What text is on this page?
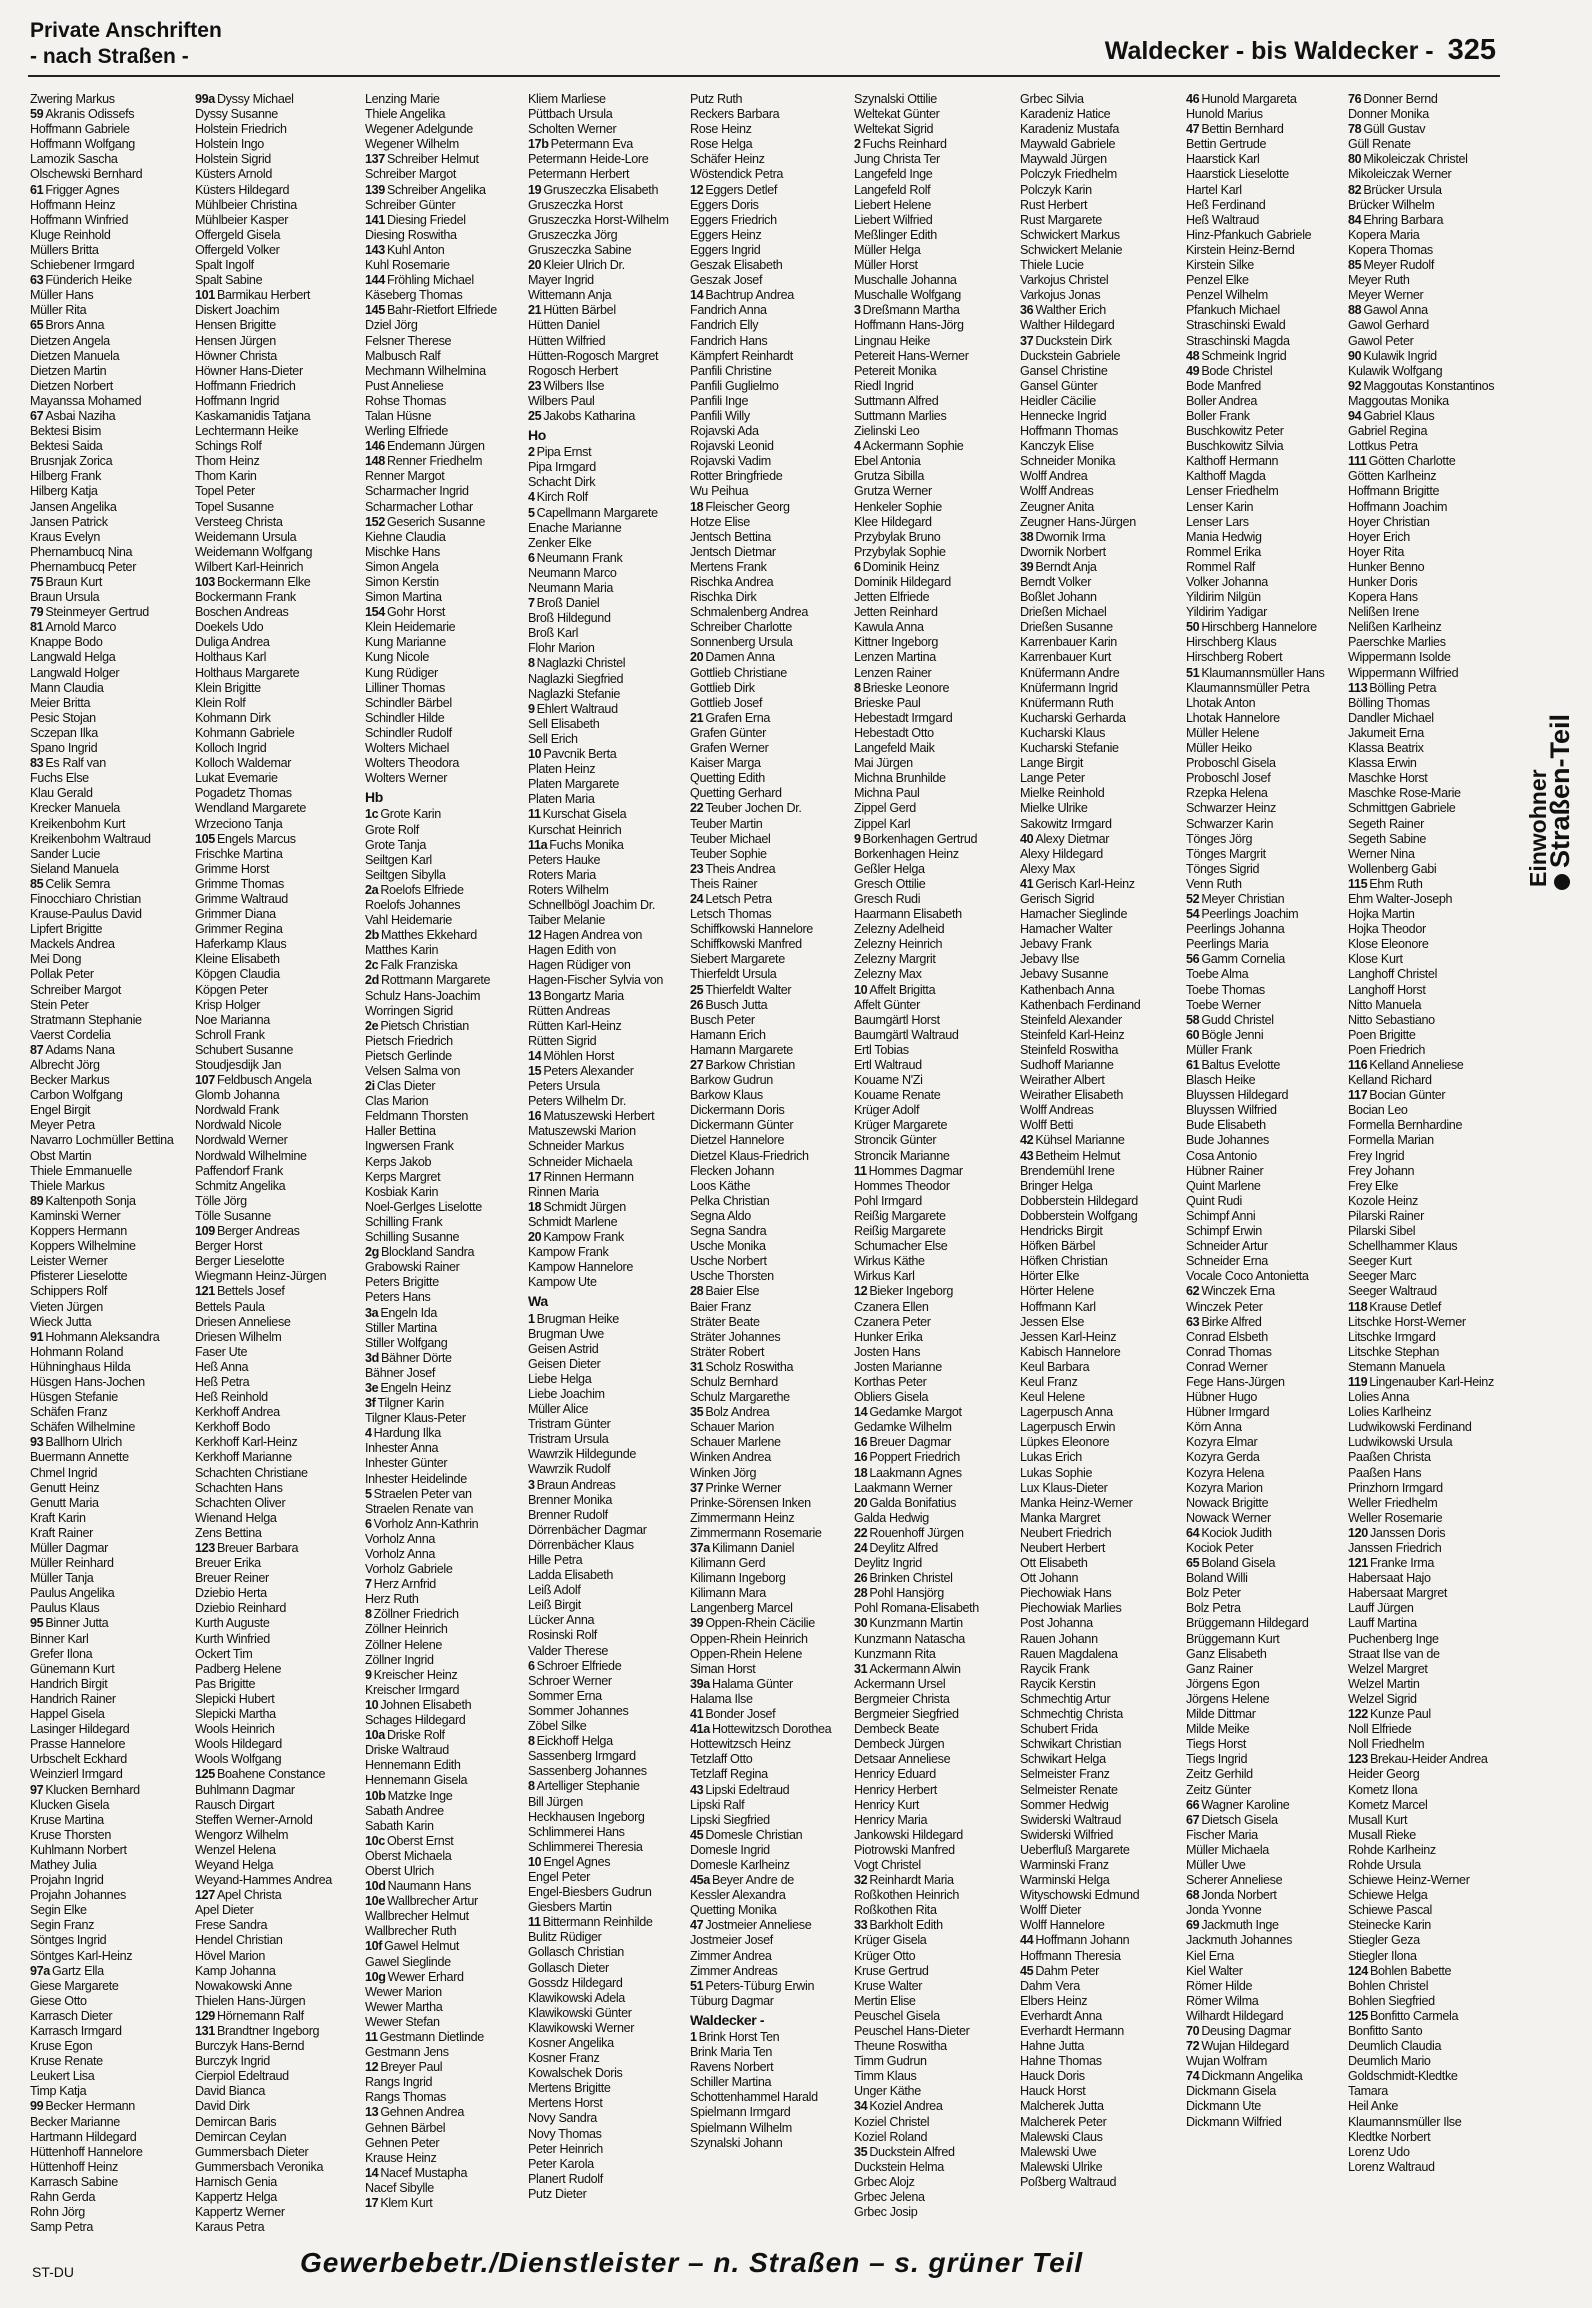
Private Anschriften
- nach Straßen -	Waldecker - bis Waldecker - 325
Zwering Markus
59 Akranis Odissefs
Hoffmann Gabriele
Hoffmann Wolfgang
Lamozik Sascha
Olschewski Bernhard
61 Frigger Agnes
Hoffmann Heinz
Hoffmann Winfried
Kluge Reinhold
Müllers Britta
Schiebener Irmgard
63 Fünderich Heike
Müller Hans
Müller Rita
65 Brors Anna
Dietzen Angela
Dietzen Manuela
Dietzen Martin
Dietzen Norbert
Mayanssa Mohamed
67 Asbai Naziha
Bektesi Bisim
Bektesi Saida
Brusnjak Zorica
Hilberg Frank
Hilberg Katja
Jansen Angelika
Jansen Patrick
Kraus Evelyn
Phernambucq Nina
Phernambucq Peter
75 Braun Kurt
Braun Ursula
79 Steinmeyer Gertrud
81 Arnold Marco
Knappe Bodo
Langwald Helga
Langwald Holger
Mann Claudia
Meier Britta
Pesic Stojan
Sczepan Ilka
Spano Ingrid
83 Es Ralf van
Fuchs Else
Klau Gerald
Krecker Manuela
Kreikenbohm Kurt
Kreikenbohm Waltraud
Sander Lucie
Sieland Manuela
85 Celik Semra
Finocchiaro Christian
Krause-Paulus David
Lipfert Brigitte
Mackels Andrea
Mei Dong
Pollak Peter
Schreiber Margot
Stein Peter
Stratmann Stephanie
Vaerst Cordelia
87 Adams Nana
Albrecht Jörg
Becker Markus
Carbon Wolfgang
Engel Birgit
Meyer Petra
Navarro Lochmüller Bettina
Obst Martin
Thiele Emmanuelle
Thiele Markus
89 Kaltenpoth Sonja
Kaminski Werner
Koppers Hermann
Koppers Wilhelmine
Leister Werner
Pfisterer Lieselotte
Schippers Rolf
Vieten Jürgen
Wieck Jutta
91 Hohmann Aleksandra
Hohmann Roland
Hühninghaus Hilda
Hüsgen Hans-Jochen
Hüsgen Stefanie
Schäfen Franz
Schäfen Wilhelmine
93 Ballhorn Ulrich
Buermann Annette
Chmel Ingrid
Genutt Heinz
Genutt Maria
Kraft Karin
Kraft Rainer
Müller Dagmar
Müller Reinhard
Müller Tanja
Paulus Angelika
Paulus Klaus
95 Binner Jutta
Binner Karl
Grefer Ilona
Günemann Kurt
Handrich Birgit
Handrich Rainer
Happel Gisela
Lasinger Hildegard
Prasse Hannelore
Urbschelt Eckhard
Weinzierl Irmgard
97 Klucken Bernhard
Klucken Gisela
Kruse Martina
Kruse Thorsten
Kuhlmann Norbert
Mathey Julia
Projahn Ingrid
Projahn Johannes
Segin Elke
Segin Franz
Söntges Ingrid
Söntges Karl-Heinz
97a Gartz Ella
Giese Margarete
Giese Otto
Karrasch Dieter
Karrasch Irmgard
Kruse Egon
Kruse Renate
Leukert Lisa
Timp Katja
99 Becker Hermann
Becker Marianne
Hartmann Hildegard
Hüttenhoff Hannelore
Hüttenhoff Heinz
Karrasch Sabine
Rahn Gerda
Rohn Jörg
Samp Petra
99a Dyssy Michael
Dyssy Susanne
Holstein Friedrich
Holstein Ingo
Holstein Sigrid
Küsters Arnold
Küsters Hildegard
Mühlbeier Christina
Mühlbeier Kasper
Offergeld Gisela
Offergeld Volker
Spalt Ingolf
Spalt Sabine
101 Barmikau Herbert
Diskert Joachim
Hensen Brigitte
Hensen Jürgen
Höwner Christa
Höwner Hans-Dieter
Hoffmann Friedrich
Hoffmann Ingrid
Kaskamanidis Tatjana
Lechtermann Heike
Schings Rolf
Thom Heinz
Thom Karin
Topel Peter
Topel Susanne
Versteeg Christa
Weidemann Ursula
Weidemann Wolfgang
Wilbert Karl-Heinrich
103 Bockermann Elke
Bockermann Frank
Boschen Andreas
Doekels Udo
Duliga Andrea
Holthaus Karl
Holthaus Margarete
Klein Brigitte
Klein Rolf
Kohmann Dirk
Kohmann Gabriele
Kolloch Ingrid
Kolloch Waldemar
Lukat Evemarie
Pogadetz Thomas
Wendland Margarete
Wrzeciono Tanja
105 Engels Marcus
Frischke Martina
Grimme Horst
Grimme Thomas
Grimme Waltraud
Grimmer Diana
Grimmer Regina
Haferkamp Klaus
Kleine Elisabeth
Köpgen Claudia
Köpgen Peter
Krisp Holger
Noe Marianna
Schroll Frank
Schubert Susanne
Stoudjesdijk Jan
107 Feldbusch Angela
Glomb Johanna
Nordwald Frank
Nordwald Nicole
Nordwald Werner
Nordwald Wilhelmine
Paffendorf Frank
Schmitz Angelika
Tölle Jörg
Tölle Susanne
109 Berger Andreas
Berger Horst
Berger Lieselotte
Wiegmann Heinz-Jürgen
121 Bettels Josef
Bettels Paula
Driesen Anneliese
Driesen Wilhelm
Faser Ute
Heß Anna
Heß Petra
Heß Reinhold
Kerkhoff Andrea
Kerkhoff Bodo
Kerkhoff Karl-Heinz
Kerkhoff Marianne
Schachten Christiane
Schachten Hans
Schachten Oliver
Wienand Helga
Zens Bettina
123 Breuer Barbara
Breuer Erika
Breuer Reiner
Dziebio Herta
Dziebio Reinhard
Kurth Auguste
Kurth Winfried
Ockert Tim
Padberg Helene
Pas Brigitte
Slepicki Hubert
Slepicki Martha
Wools Heinrich
Wools Hildegard
Wools Wolfgang
125 Boahene Constance
Buhlmann Dagmar
Rausch Dirgart
Steffen Werner-Arnold
Wengorz Wilhelm
Wenzel Helena
Weyand Helga
Weyand-Hammes Andrea
127 Apel Christa
Apel Dieter
Frese Sandra
Hendel Christian
Hövel Marion
Kamp Johanna
Nowakowski Anne
Thielen Hans-Jürgen
129 Hörnemann Ralf
131 Brandtner Ingeborg
Burczyk Hans-Bernd
Burczyk Ingrid
Cierpiol Edeltraud
David Bianca
David Dirk
Demircan Baris
Demircan Ceylan
Gummersbach Dieter
Gummersbach Veronika
Harnisch Genia
Kappertz Helga
Kappertz Werner
Karaus Petra
Lenzing Marie
Thiele Angelika
Wegener Adelgunde
Wegener Wilhelm
137 Schreiber Helmut
Schreiber Margot
139 Schreiber Angelika
Schreiber Günter
141 Diesing Friedel
Diesing Roswitha
143 Kuhl Anton
Kuhl Rosemarie
144 Fröhling Michael
Käseberg Thomas
145 Bahr-Rietfort Elfriede
Dziel Jörg
Felsner Therese
Malbusch Ralf
Mechmann Wilhelmina
Pust Anneliese
Rohse Thomas
Talan Hüsne
Werling Elfriede
146 Endemann Jürgen
148 Renner Friedhelm
Renner Margot
Scharmacher Ingrid
Scharmacher Lothar
152 Geserich Susanne
Kiehne Claudia
Mischke Hans
Simon Angela
Simon Kerstin
Simon Martina
154 Gohr Horst
Klein Heidemarie
Kung Marianne
Kung Nicole
Kung Rüdiger
Lilliner Thomas
Schindler Bärbel
Schindler Hilde
Schindler Rudolf
Wolters Michael
Wolters Theodora
Wolters Werner
Hb
1c Grote Karin
Grote Rolf
Grote Tanja
Seiltgen Karl
Seiltgen Sibylla
2a Roelofs Elfriede
Roelofs Johannes
Vahl Heidemarie
2b Matthes Ekkehard
Matthes Karin
2c Falk Franziska
2d Rottmann Margarete
Schulz Hans-Joachim
Worringen Sigrid
2e Pietsch Christian
Pietsch Friedrich
Pietsch Gerlinde
Velsen Salma von
2i Clas Dieter
Clas Marion
Feldmann Thorsten
Haller Bettina
Ingwersen Frank
Kerps Jakob
Kerps Margret
Kosbiak Karin
Noel-Gerlges Liselotte
Schilling Frank
Schilling Susanne
2g Blockland Sandra
Grabowski Rainer
Peters Brigitte
Peters Hans
3a Engeln Ida
Stiller Martina
Stiller Wolfgang
3d Bähner Dörte
Bähner Josef
3e Engeln Heinz
3f Tilgner Karin
Tilgner Klaus-Peter
4 Hardung Ilka
Inhester Anna
Inhester Günter
Inhester Heidelinde
5 Straelen Peter van
Straelen Renate van
6 Vorholz Ann-Kathrin
Vorholz Anna
Vorholz Anna
Vorholz Gabriele
7 Herz Arnfrid
Herz Ruth
8 Zöllner Friedrich
Zöllner Heinrich
Zöllner Helene
Zöllner Ingrid
9 Kreischer Heinz
Kreischer Irmgard
10 Johnen Elisabeth
Schages Hildegard
10a Driske Rolf
Driske Waltraud
Hennemann Edith
Hennemann Gisela
10b Matzke Inge
Sabath Andree
Sabath Karin
10c Oberst Ernst
Oberst Michaela
Oberst Ulrich
10d Naumann Hans
10e Wallbrecher Artur
Wallbrecher Helmut
Wallbrecher Ruth
10f Gawel Helmut
Gawel Sieglinde
10g Wewer Erhard
Wewer Marion
Wewer Martha
Wewer Stefan
11 Gestmann Dietlinde
Gestmann Jens
12 Breyer Paul
Rangs Ingrid
Rangs Thomas
13 Gehnen Andrea
Gehnen Bärbel
Gehnen Peter
Krause Heinz
14 Nacef Mustapha
Nacef Sibylle
17 Klem Kurt
Kliem Marliese
Püttbach Ursula
Scholten Werner
17b Petermann Eva
Petermann Heide-Lore
Petermann Herbert
19 Gruszeczka Elisabeth
Gruszeczka Horst
Gruszeczka Horst-Wilhelm
Gruszeczka Jörg
Gruszeczka Sabine
20 Kleier Ulrich Dr.
Mayer Ingrid
Wittemann Anja
21 Hütten Bärbel
Hütten Daniel
Hütten Wilfried
Hütten-Rogosch Margret
Rogosch Herbert
23 Wilbers Ilse
Wilbers Paul
25 Jakobs Katharina
Ho
2 Pipa Ernst
Pipa Irmgard
Schacht Dirk
4 Kirch Rolf
5 Capellmann Margarete
Enache Marianne
Zenker Elke
6 Neumann Frank
Neumann Marco
Neumann Maria
7 Broß Daniel
Broß Hildegund
Broß Karl
Flohr Marion
8 Naglazki Christel
Naglazki Siegfried
Naglazki Stefanie
9 Ehlert Waltraud
Sell Elisabeth
Sell Erich
10 Pavcnik Berta
Platen Heinz
Platen Margarete
Platen Maria
11 Kurschat Gisela
Kurschat Heinrich
11a Fuchs Monika
Peters Hauke
Roters Maria
Roters Wilhelm
Schnellbögl Joachim Dr.
Taiber Melanie
12 Hagen Andrea von
Hagen Edith von
Hagen Rüdiger von
Hagen-Fischer Sylvia von
13 Bongartz Maria
Rütten Andreas
Rütten Karl-Heinz
Rütten Sigrid
14 Möhlen Horst
15 Peters Alexander
Peters Ursula
Peters Wilhelm Dr.
16 Matuszewski Herbert
Matuszewski Marion
Schneider Markus
Schneider Michaela
17 Rinnen Hermann
Rinnen Maria
18 Schmidt Jürgen
Schmidt Marlene
20 Kampow Frank
Kampow Frank
Kampow Hannelore
Kampow Ute
Wa
1 Brugman Heike
Brugman Uwe
Geisen Astrid
Geisen Dieter
Liebe Helga
Liebe Joachim
Müller Alice
Tristram Günter
Tristram Ursula
Wawrzik Hildegunde
Wawrzik Rudolf
3 Braun Andreas
Brenner Monika
Brenner Rudolf
Dörrenbächer Dagmar
Dörrenbächer Klaus
Hille Petra
Ladda Elisabeth
Leiß Adolf
Leiß Birgit
Lücker Anna
Rosinski Rolf
Valder Therese
6 Schroer Elfriede
Schroer Werner
Sommer Erna
Sommer Johannes
Zöbel Silke
8 Eickhoff Helga
Sassenberg Irmgard
Sassenberg Johannes
8 Artelliger Stephanie
Bill Jürgen
Heckhausen Ingeborg
Schlimmerei Hans
Schlimmerei Theresia
10 Engel Agnes
Engel Peter
Engel-Biesbers Gudrun
Giesbers Martin
11 Bittermann Reinhilde
Bulitz Rüdiger
Gollasch Christian
Gollasch Dieter
Gossdz Hildegard
Klawikowski Adela
Klawikowski Günter
Klawikowski Werner
Kosner Angelika
Kosner Franz
Kowalschek Doris
Mertens Brigitte
Mertens Horst
Novy Sandra
Novy Thomas
Peter Heinrich
Peter Karola
Planert Rudolf
Putz Dieter
Putz Ruth
Reckers Barbara
Rose Heinz
Rose Helga
Schäfer Heinz
Wöstendick Petra
12 Eggers Detlef
Eggers Doris
Eggers Friedrich
Eggers Heinz
Eggers Ingrid
Geszak Elisabeth
Geszak Josef
14 Bachtrup Andrea
Fandrich Anna
Fandrich Elly
Fandrich Hans
Kämpfert Reinhardt
Panfili Christine
Panfili Guglielmo
Panfili Inge
Panfili Willy
Rojavski Ada
Rojavski Leonid
Rojavski Vadim
Rotter Bringfriede
Wu Peihua
18 Fleischer Georg
Hotze Elise
Jentsch Bettina
Jentsch Dietmar
Mertens Frank
Rischka Andrea
Rischka Dirk
Schmalenberg Andrea
Schreiber Charlotte
Sonnenberg Ursula
20 Damen Anna
Gottlieb Christiane
Gottlieb Dirk
Gottlieb Josef
21 Grafen Erna
Grafen Günter
Grafen Werner
Kaiser Marga
Quetting Edith
Quetting Gerhard
22 Teuber Jochen Dr.
Teuber Martin
Teuber Michael
Teuber Sophie
23 Theis Andrea
Theis Rainer
24 Letsch Petra
Letsch Thomas
Schiffkowski Hannelore
Schiffkowski Manfred
Siebert Margarete
Thierfeldt Ursula
25 Thierfeldt Walter
26 Busch Jutta
Busch Peter
Hamann Erich
Hamann Margarete
27 Barkow Christian
Barkow Gudrun
Barkow Klaus
Dickermann Doris
Dickermann Günter
Dietzel Hannelore
Dietzel Klaus-Friedrich
Flecken Johann
Loos Käthe
Pelka Christian
Segna Aldo
Segna Sandra
Usche Monika
Usche Norbert
Usche Thorsten
28 Baier Else
Baier Franz
Sträter Beate
Sträter Johannes
Sträter Robert
31 Scholz Roswitha
Schulz Bernhard
Schulz Margarethe
35 Bolz Andrea
Schauer Marion
Schauer Marlene
Winken Andrea
Winken Jörg
37 Prinke Werner
Prinke-Sörensen Inken
Zimmermann Heinz
Zimmermann Rosemarie
37a Kilimann Daniel
Kilimann Gerd
Kilimann Ingeborg
Kilimann Mara
Langenberg Marcel
39 Oppen-Rhein Cäcilie
Oppen-Rhein Heinrich
Oppen-Rhein Helene
Siman Horst
39a Halama Günter
Halama Ilse
41 Bonder Josef
41a Hottewitzsch Dorothea
Hottewitzsch Heinz
Tetzlaff Otto
Tetzlaff Regina
43 Lipski Edeltraud
Lipski Ralf
Lipski Siegfried
45 Domesle Christian
Domesle Ingrid
Domesle Karlheinz
45a Beyer Andre de
Kessler Alexandra
Quetting Monika
47 Jostmeier Anneliese
Jostmeier Josef
Zimmer Andrea
Zimmer Andreas
51 Peters-Tüburg Erwin
Tüburg Dagmar
Waldecker -
1 Brink Horst Ten
Brink Maria Ten
Ravens Norbert
Schiller Martina
Schottenhammel Harald
Spielmann Irmgard
Spielmann Wilhelm
Szynalski Johann
Szynalski Ottilie
Weltekat Günter
Weltekat Sigrid
2 Fuchs Reinhard
Jung Christa Ter
Langefeld Inge
Langefeld Rolf
Liebert Helene
Liebert Wilfried
Meßlinger Edith
Müller Helga
Müller Horst
Muschalle Johanna
Muschalle Wolfgang
3 Dreßmann Martha
Hoffmann Hans-Jörg
Lingnau Heike
Petereit Hans-Werner
Petereit Monika
Riedl Ingrid
Suttmann Alfred
Suttmann Marlies
Zielinski Leo
4 Ackermann Sophie
Ebel Antonia
Grutza Sibilla
Grutza Werner
Henkeler Sophie
Klee Hildegard
Przybylak Bruno
Przybylak Sophie
6 Dominik Heinz
Dominik Hildegard
Jetten Elfriede
Jetten Reinhard
Kawula Anna
Kittner Ingeborg
Lenzen Martina
Lenzen Rainer
8 Brieske Leonore
Brieske Paul
Hebestadt Irmgard
Hebestadt Otto
Langefeld Maik
Mai Jürgen
Michna Brunhilde
Michna Paul
Zippel Gerd
Zippel Karl
9 Borkenhagen Gertrud
Borkenhagen Heinz
Geßler Helga
Gresch Ottilie
Gresch Rudi
Haarmann Elisabeth
Zelezny Adelheid
Zelezny Heinrich
Zelezny Margrit
Zelezny Max
10 Affelt Brigitta
Affelt Günter
Baumgärtl Horst
Baumgärtl Waltraud
Ertl Tobias
Ertl Waltraud
Kouame N'Zi
Kouame Renate
Krüger Adolf
Krüger Margarete
Stroncik Günter
Stroncik Marianne
11 Hommes Dagmar
Hommes Theodor
Pohl Irmgard
Reißig Margarete
Reißig Margarete
Schumacher Else
Wirkus Käthe
Wirkus Karl
12 Bieker Ingeborg
Czanera Ellen
Czanera Peter
Hunker Erika
Josten Hans
Josten Marianne
Korthas Peter
Obliers Gisela
14 Gedamke Margot
Gedamke Wilhelm
16 Breuer Dagmar
16 Poppert Friedrich
18 Laakmann Agnes
Laakmann Werner
20 Galda Bonifatius
Galda Hedwig
22 Rouenhoff Jürgen
24 Deylitz Alfred
Deylitz Ingrid
26 Brinken Christel
28 Pohl Hansjörg
Pohl Romana-Elisabeth
30 Kunzmann Martin
Kunzmann Natascha
Kunzmann Rita
31 Ackermann Alwin
Ackermann Ursel
Bergmeier Christa
Bergmeier Siegfried
Dembeck Beate
Dembeck Jürgen
Detsaar Anneliese
Henricy Eduard
Henricy Herbert
Henricy Kurt
Henricy Maria
Jankowski Hildegard
Piotrowski Manfred
Vogt Christel
32 Reinhardt Maria
Roßkothen Heinrich
Roßkothen Rita
33 Barkholt Edith
Krüger Gisela
Krüger Otto
Kruse Gertrud
Kruse Walter
Mertin Elise
Peuschel Gisela
Peuschel Hans-Dieter
Theune Roswitha
Timm Gudrun
Timm Klaus
Unger Käthe
34 Koziel Andrea
Koziel Christel
Koziel Roland
35 Duckstein Alfred
Duckstein Helma
Grbec Alojz
Grbec Jelena
Grbec Josip
Grbec Silvia
Karadeniz Hatice
Karadeniz Mustafa
Maywald Gabriele
Maywald Jürgen
Polczyk Friedhelm
Polczyk Karin
Rust Herbert
Rust Margarete
Schwickert Markus
Schwickert Melanie
Thiele Lucie
Varkojus Christel
Varkojus Jonas
36 Walther Erich
Walther Hildegard
37 Duckstein Dirk
Duckstein Gabriele
Gansel Christine
Gansel Günter
Heidler Cäcilie
Hennecke Ingrid
Hoffmann Thomas
Kanczyk Elise
Schneider Monika
Wolff Andrea
Wolff Andreas
Zeugner Anita
Zeugner Hans-Jürgen
38 Dwornik Irma
Dwornik Norbert
39 Berndt Anja
Berndt Volker
Boßlet Johann
Drießen Michael
Drießen Susanne
Karrenbauer Karin
Karrenbauer Kurt
Knüfermann Andre
Knüfermann Ingrid
Knüfermann Ruth
Kucharski Gerharda
Kucharski Klaus
Kucharski Stefanie
Lange Birgit
Lange Peter
Mielke Reinhold
Mielke Ulrike
Sakowitz Irmgard
40 Alexy Dietmar
Alexy Hildegard
Alexy Max
41 Gerisch Karl-Heinz
Gerisch Sigrid
Hamacher Sieglinde
Hamacher Walter
Jebavy Frank
Jebavy Ilse
Jebavy Susanne
Kathenbach Anna
Kathenbach Ferdinand
Steinfeld Alexander
Steinfeld Karl-Heinz
Steinfeld Roswitha
Sudhoff Marianne
Weirather Albert
Weirather Elisabeth
Wolff Andreas
Wolff Betti
42 Kühsel Marianne
43 Betheim Helmut
Brendemühl Irene
Bringer Helga
Dobberstein Hildegard
Dobberstein Wolfgang
Hendricks Birgit
Höfken Bärbel
Höfken Christian
Hörter Elke
Hörter Helene
Hoffmann Karl
Jessen Else
Jessen Karl-Heinz
Kabisch Hannelore
Keul Barbara
Keul Franz
Keul Helene
Lagerpusch Anna
Lagerpusch Erwin
Lüpkes Eleonore
Lukas Erich
Lukas Sophie
Lux Klaus-Dieter
Manka Heinz-Werner
Manka Margret
Neubert Friedrich
Neubert Herbert
Ott Elisabeth
Ott Johann
Piechowiak Hans
Piechowiak Marlies
Post Johanna
Rauen Johann
Rauen Magdalena
Raycik Frank
Raycik Kerstin
Schmechtig Artur
Schmechtig Christa
Schubert Frida
Schwikart Christian
Schwikart Helga
Selmeister Franz
Selmeister Renate
Sommer Hedwig
Swiderski Waltraud
Swiderski Wilfried
Ueberfluß Margarete
Warminski Franz
Warminski Helga
Wityschowski Edmund
Wolff Dieter
Wolff Hannelore
44 Hoffmann Johann
Hoffmann Theresia
45 Dahm Peter
Dahm Vera
Elbers Heinz
Everhardt Anna
Everhardt Hermann
Hahne Jutta
Hahne Thomas
Hauck Doris
Hauck Horst
Malcherek Jutta
Malcherek Peter
Malewski Claus
Malewski Uwe
Malewski Ulrike
Poßberg Waltraud
46 Hunold Margareta
Hunold Marius
47 Bettin Bernhard
Bettin Gertrude
Haarstick Karl
Haarstick Lieselotte
Hartel Karl
Heß Ferdinand
Heß Waltraud
Hinz-Pfankuch Gabriele
Kirstein Heinz-Bernd
Kirstein Silke
Penzel Elke
Penzel Wilhelm
Pfankuch Michael
Straschinski Ewald
Straschinski Magda
48 Schmeink Ingrid
49 Bode Christel
Bode Manfred
Boller Andrea
Boller Frank
Buschkowitz Peter
Buschkowitz Silvia
Kalthoff Hermann
Kalthoff Magda
Lenser Friedhelm
Lenser Karin
Lenser Lars
Mania Hedwig
Rommel Erika
Rommel Ralf
Volker Johanna
Yildirim Nilgün
Yildirim Yadigar
50 Hirschberg Hannelore
Hirschberg Klaus
Hirschberg Robert
51 Klaumannsmüller Hans
Klaumannsmüller Petra
Lhotak Anton
Lhotak Hannelore
Müller Helene
Müller Heiko
Proboschl Gisela
Proboschl Josef
Rzepka Helena
Schwarzer Heinz
Schwarzer Karin
Tönges Jörg
Tönges Margrit
Tönges Sigrid
Venn Ruth
52 Meyer Christian
54 Peerlings Joachim
Peerlings Johanna
Peerlings Maria
56 Gamm Cornelia
Toebe Alma
Toebe Thomas
Toebe Werner
58 Gudd Christel
60 Bögle Jenni
Müller Frank
61 Baltus Evelotte
Blasch Heike
Bluyssen Hildegard
Bluyssen Wilfried
Bude Elisabeth
Bude Johannes
Cosa Antonio
Hübner Rainer
Quint Marlene
Quint Rudi
Schimpf Anni
Schimpf Erwin
Schneider Artur
Schneider Erna
Vocale Coco Antonietta
62 Winczek Erna
Winczek Peter
63 Birke Alfred
Conrad Elsbeth
Conrad Thomas
Conrad Werner
Fege Hans-Jürgen
Hübner Hugo
Hübner Irmgard
Körn Anna
Kozyra Elmar
Kozyra Gerda
Kozyra Helena
Kozyra Marion
Nowack Brigitte
Nowack Werner
64 Kociok Judith
Kociok Peter
65 Boland Gisela
Boland Willi
Bolz Peter
Bolz Petra
Brüggemann Hildegard
Brüggemann Kurt
Ganz Elisabeth
Ganz Rainer
Jörgens Egon
Jörgens Helene
Milde Dittmar
Milde Meike
Tiegs Horst
Tiegs Ingrid
Zeitz Gerhild
Zeitz Günter
66 Wagner Karoline
67 Dietsch Gisela
Fischer Maria
Müller Michaela
Müller Uwe
Scherer Anneliese
68 Jonda Norbert
Jonda Yvonne
69 Jackmuth Inge
Jackmuth Johannes
Kiel Erna
Kiel Walter
Römer Hilde
Römer Wilma
Wilhardt Hildegard
70 Deusing Dagmar
72 Wujan Hildegard
Wujan Wolfram
74 Dickmann Angelika
Dickmann Gisela
Dickmann Ute
Dickmann Wilfried
76 Donner Bernd
Donner Monika
78 Güll Gustav
Güll Renate
80 Mikoleiczak Christel
Mikoleiczak Werner
82 Brücker Ursula
Brücker Wilhelm
84 Ehring Barbara
Kopera Maria
Kopera Thomas
85 Meyer Rudolf
Meyer Ruth
Meyer Werner
88 Gawol Anna
Gawol Gerhard
Gawol Peter
90 Kulawik Ingrid
Kulawik Wolfgang
92 Maggoutas Konstantinos
Maggoutas Monika
94 Gabriel Klaus
Gabriel Regina
Lottkus Petra
111 Götten Charlotte
Götten Karlheinz
Hoffmann Brigitte
Hoffmann Joachim
Hoyer Christian
Hoyer Erich
Hoyer Rita
Hunker Benno
Hunker Doris
Kopera Hans
Nelißen Irene
Nelißen Karlheinz
Paerschke Marlies
Wippermann Isolde
Wippermann Wilfried
113 Bölling Petra
Bölling Thomas
Dandler Michael
Jakumeit Erna
Klassa Beatrix
Klassa Erwin
Maschke Horst
Maschke Rose-Marie
Schmittgen Gabriele
Segeth Rainer
Segeth Sabine
Werner Nina
Wollenberg Gabi
115 Ehm Ruth
Ehm Walter-Joseph
Hojka Martin
Hojka Theodor
Klose Eleonore
Klose Kurt
Langhoff Christel
Langhoff Horst
Nitto Manuela
Nitto Sebastiano
Poen Brigitte
Poen Friedrich
116 Kelland Anneliese
Kelland Richard
117 Bocian Günter
Bocian Leo
Formella Bernhardine
Formella Marian
Frey Ingrid
Frey Johann
Frey Elke
Kozole Heinz
Pilarski Rainer
Pilarski Sibel
Schellhammer Klaus
Seeger Kurt
Seeger Marc
Seeger Waltraud
118 Krause Detlef
Litschke Horst-Werner
Litschke Irmgard
Litschke Stephan
Stemann Manuela
119 Lingenauber Karl-Heinz
Lolies Anna
Lolies Karlheinz
Ludwikowski Ferdinand
Ludwikowski Ursula
Paaßen Christa
Paaßen Hans
Prinzhorn Irmgard
Weller Friedhelm
Weller Rosemarie
120 Janssen Doris
Janssen Friedrich
121 Franke Irma
Habersaat Hajo
Habersaat Margret
Lauff Jürgen
Lauff Martina
Puchenberg Inge
Straat Ilse van de
Welzel Margret
Welzel Martin
Welzel Sigrid
122 Kunze Paul
Noll Elfriede
Noll Friedhelm
123 Brekau-Heider Andrea
Heider Georg
Kometz Ilona
Kometz Marcel
Musall Kurt
Musall Rieke
Rohde Karlheinz
Rohde Ursula
Schiewe Heinz-Werner
Schiewe Helga
Schiewe Pascal
Steinecke Karin
Stiegler Geza
Stiegler Ilona
124 Bohlen Babette
Bohlen Christel
Bohlen Siegfried
125 Bonfitto Carmela
Bonfitto Santo
Deumlich Claudia
Deumlich Mario
Goldschmidt-Kledtke
Tamara
Heil Anke
Klaumannsmüller Ilse
Kledtke Norbert
Lorenz Udo
Lorenz Waltraud
Einwohner
Straßen-Teil
Gewerbebetr./Dienstleister – n. Straßen – s. grüner Teil
ST-DU
